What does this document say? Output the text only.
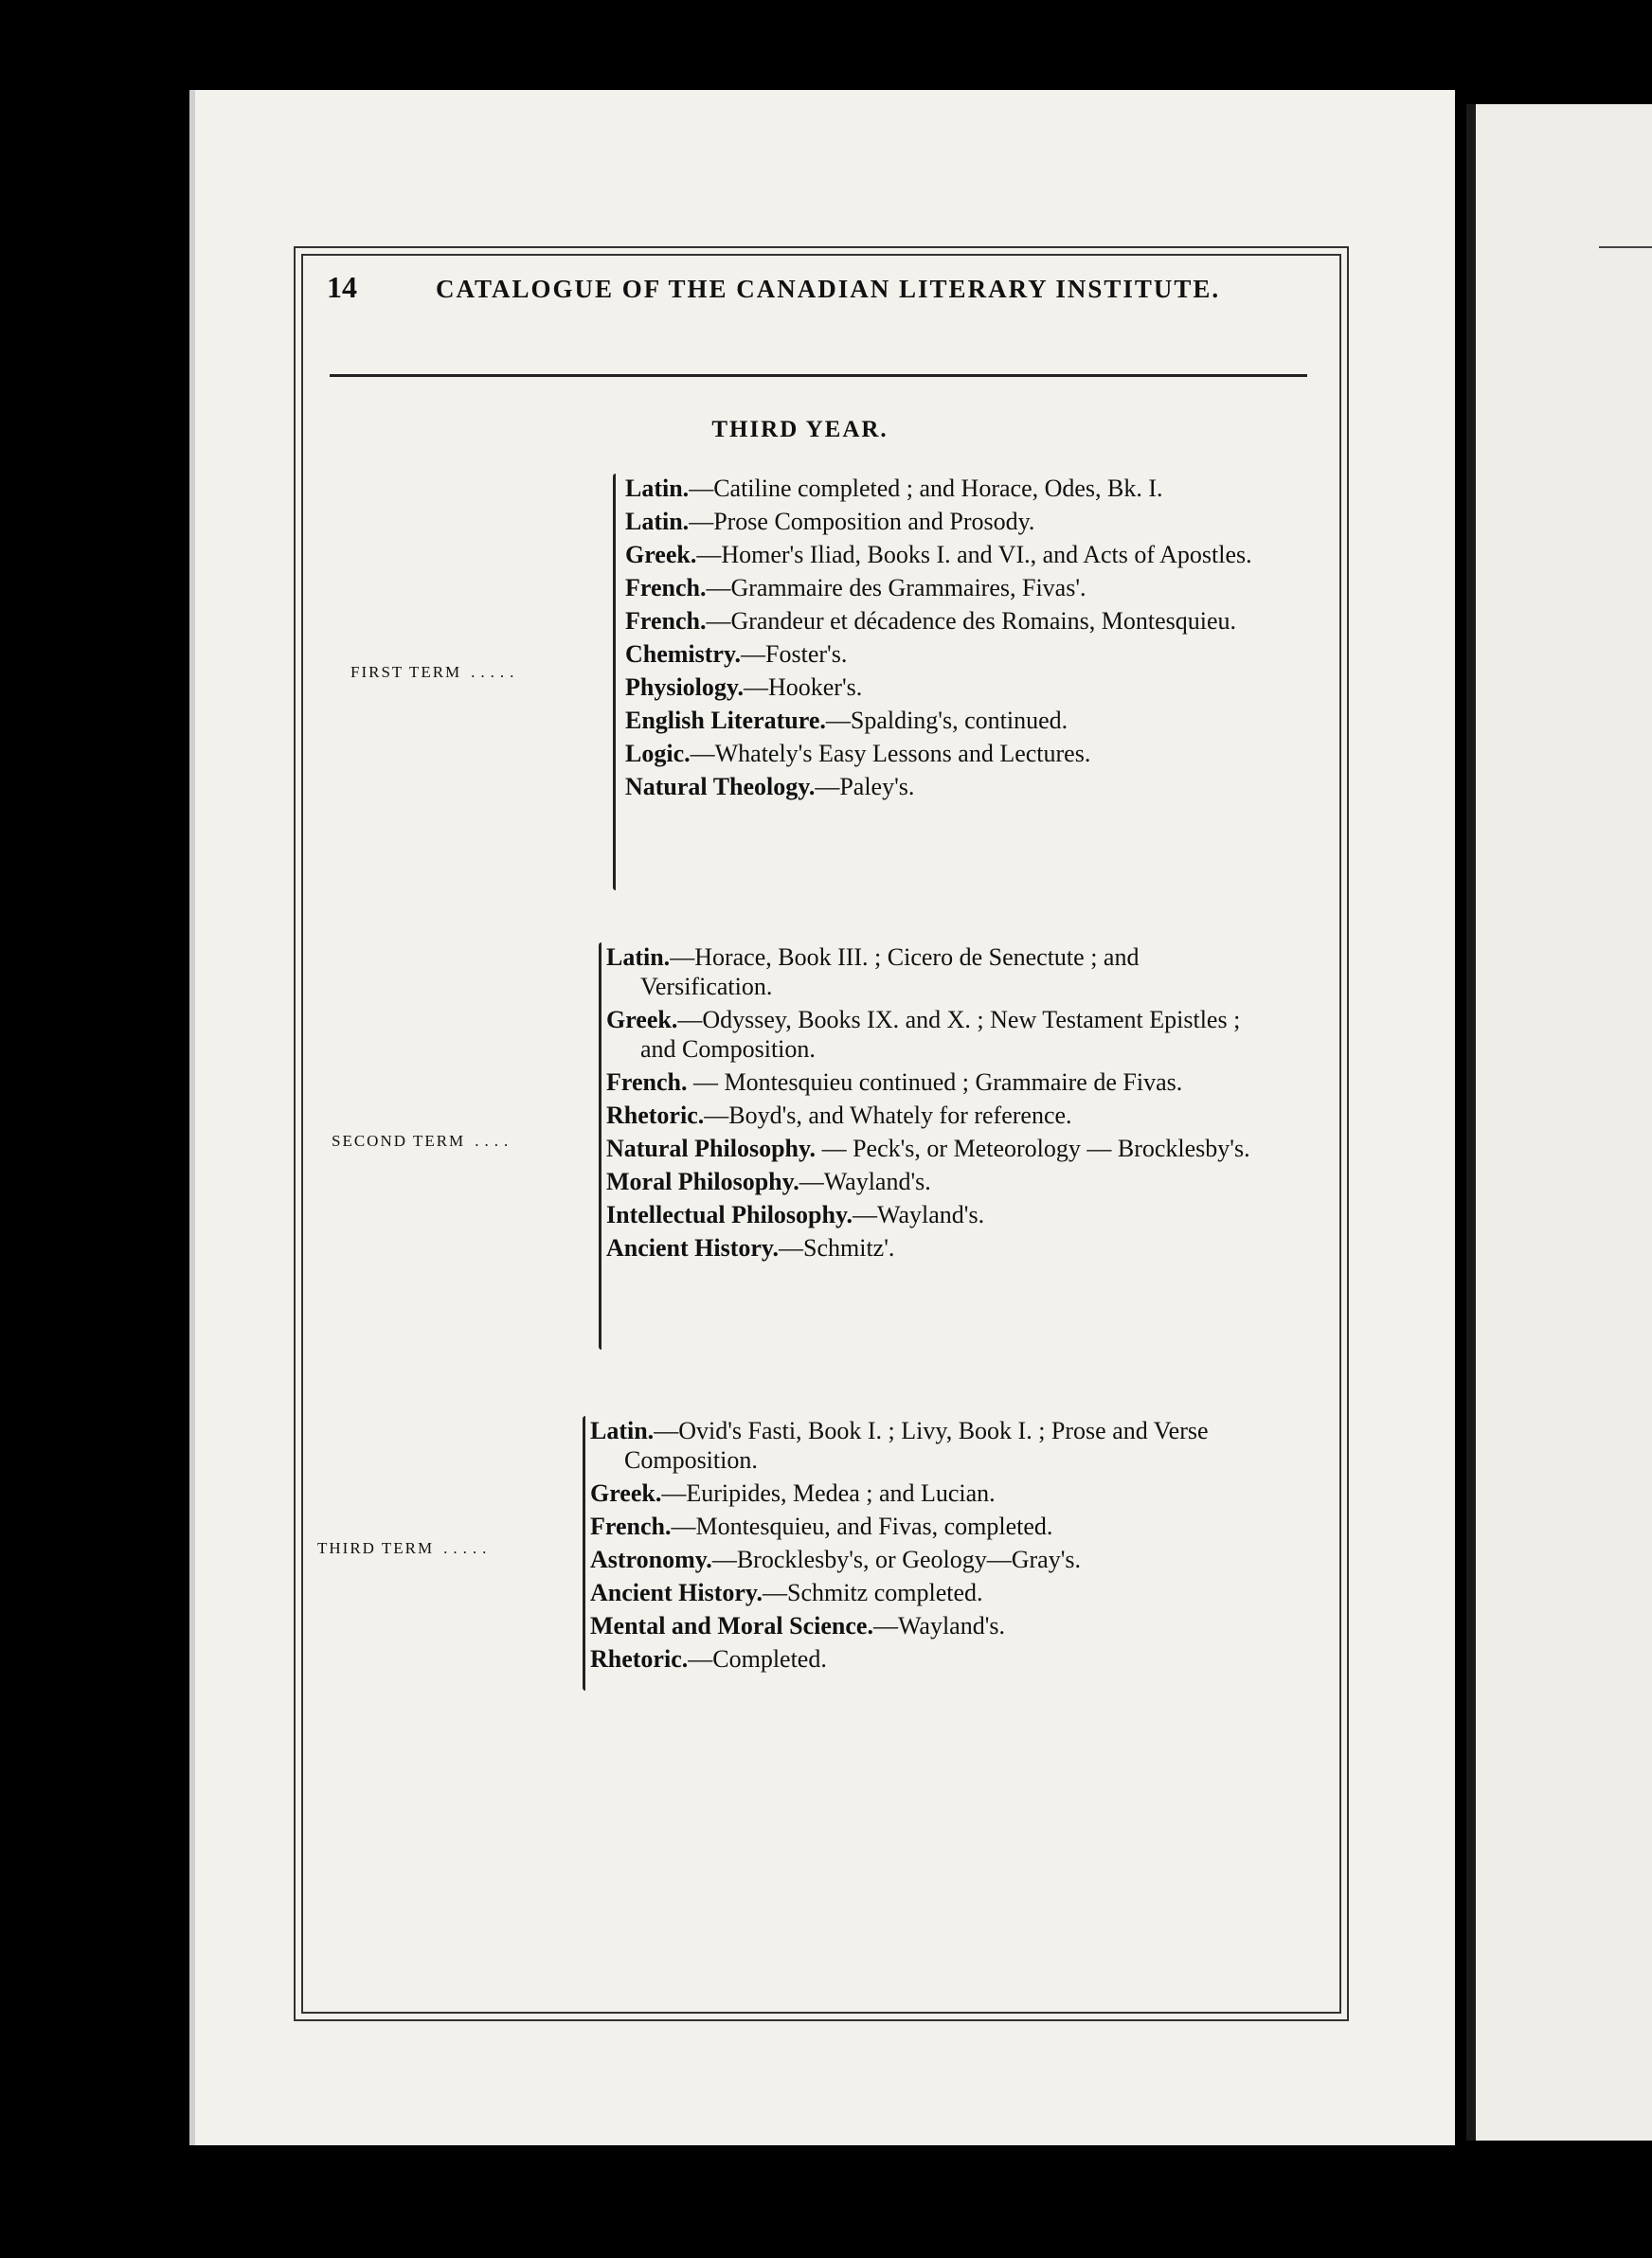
14	CATALOGUE OF THE CANADIAN LITERARY INSTITUTE.
THIRD YEAR.
FIRST TERM .....
Latin.—Catiline completed ; and Horace, Odes, Bk. I.
Latin.—Prose Composition and Prosody.
Greek.—Homer's Iliad, Books I. and VI., and Acts of Apostles.
French.—Grammaire des Grammaires, Fivas'.
French.—Grandeur et décadence des Romains, Montesquieu.
Chemistry.—Foster's.
Physiology.—Hooker's.
English Literature.—Spalding's, continued.
Logic.—Whately's Easy Lessons and Lectures.
Natural Theology.—Paley's.
SECOND TERM ....
Latin.—Horace, Book III. ; Cicero de Senectute ; and Versification.
Greek.—Odyssey, Books IX. and X. ; New Testament Epistles ; and Composition.
French. — Montesquieu continued ; Grammaire de Fivas.
Rhetoric.—Boyd's, and Whately for reference.
Natural Philosophy. — Peck's, or Meteorology — Brocklesby's.
Moral Philosophy.—Wayland's.
Intellectual Philosophy.—Wayland's.
Ancient History.—Schmitz'.
THIRD TERM .....
Latin.—Ovid's Fasti, Book I. ; Livy, Book I. ; Prose and Verse Composition.
Greek.—Euripides, Medea ; and Lucian.
French.—Montesquieu, and Fivas, completed.
Astronomy.—Brocklesby's, or Geology—Gray's.
Ancient History.—Schmitz completed.
Mental and Moral Science.—Wayland's.
Rhetoric.—Completed.
